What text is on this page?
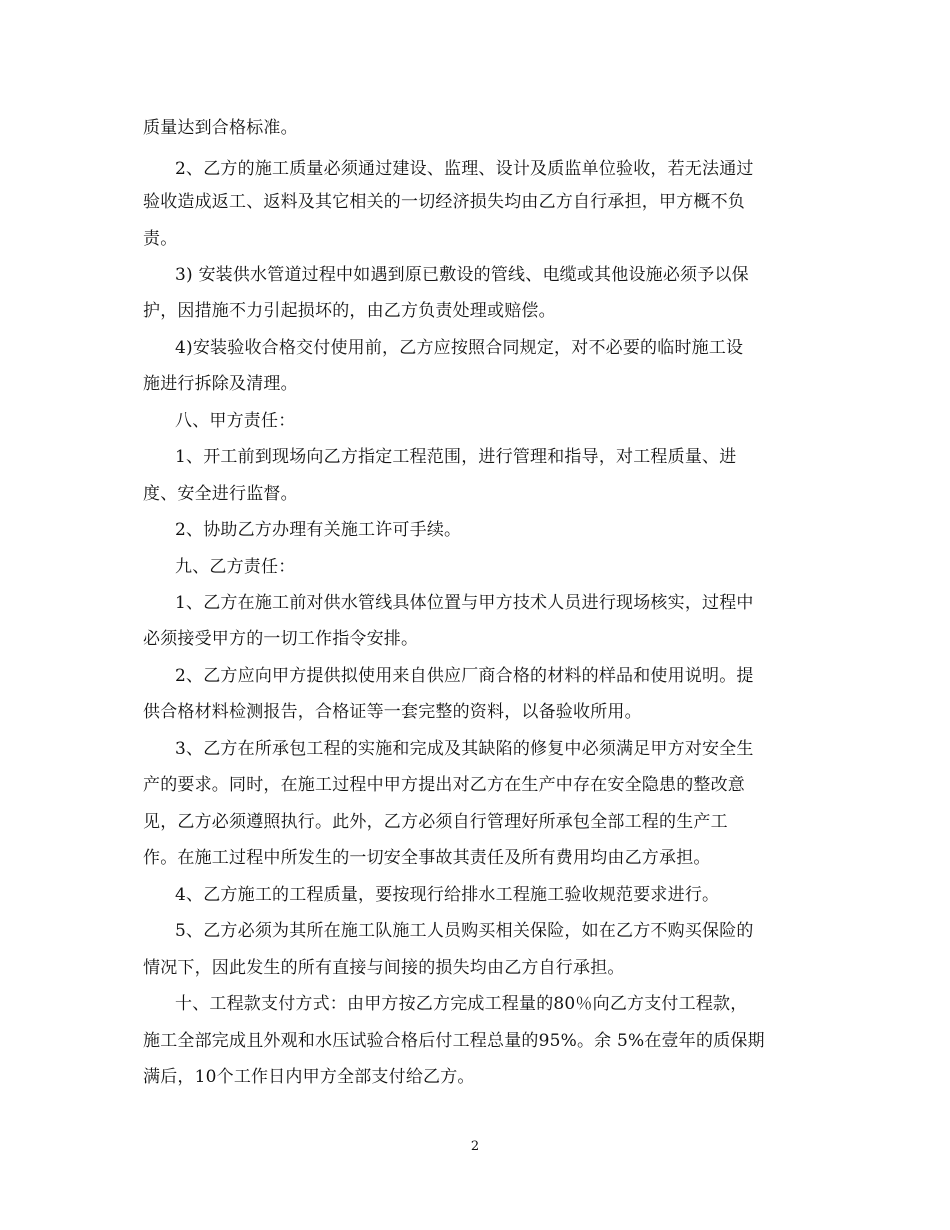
质量达到合格标准。
2、乙方的施工质量必须通过建设、监理、设计及质监单位验收，若无法通过
验收造成返工、返料及其它相关的一切经济损失均由乙方自行承担，甲方概不负
责。
3) 安装供水管道过程中如遇到原已敷设的管线、电缆或其他设施必须予以保
护，因措施不力引起损坏的，由乙方负责处理或赔偿。
4)安装验收合格交付使用前，乙方应按照合同规定，对不必要的临时施工设
施进行拆除及清理。
八、甲方责任：
1、开工前到现场向乙方指定工程范围，进行管理和指导，对工程质量、进
度、安全进行监督。
2、协助乙方办理有关施工许可手续。
九、乙方责任：
1、乙方在施工前对供水管线具体位置与甲方技术人员进行现场核实，过程中
必须接受甲方的一切工作指令安排。
2、乙方应向甲方提供拟使用来自供应厂商合格的材料的样品和使用说明。提
供合格材料检测报告，合格证等一套完整的资料，以备验收所用。
3、乙方在所承包工程的实施和完成及其缺陷的修复中必须满足甲方对安全生
产的要求。同时，在施工过程中甲方提出对乙方在生产中存在安全隐患的整改意
见，乙方必须遵照执行。此外，乙方必须自行管理好所承包全部工程的生产工
作。在施工过程中所发生的一切安全事故其责任及所有费用均由乙方承担。
4、乙方施工的工程质量，要按现行给排水工程施工验收规范要求进行。
5、乙方必须为其所在施工队施工人员购买相关保险，如在乙方不购买保险的
情况下，因此发生的所有直接与间接的损失均由乙方自行承担。
十、工程款支付方式：由甲方按乙方完成工程量的80％向乙方支付工程款，
施工全部完成且外观和水压试验合格后付工程总量的95%。余 5%在壹年的质保期
满后，10个工作日内甲方全部支付给乙方。
2
